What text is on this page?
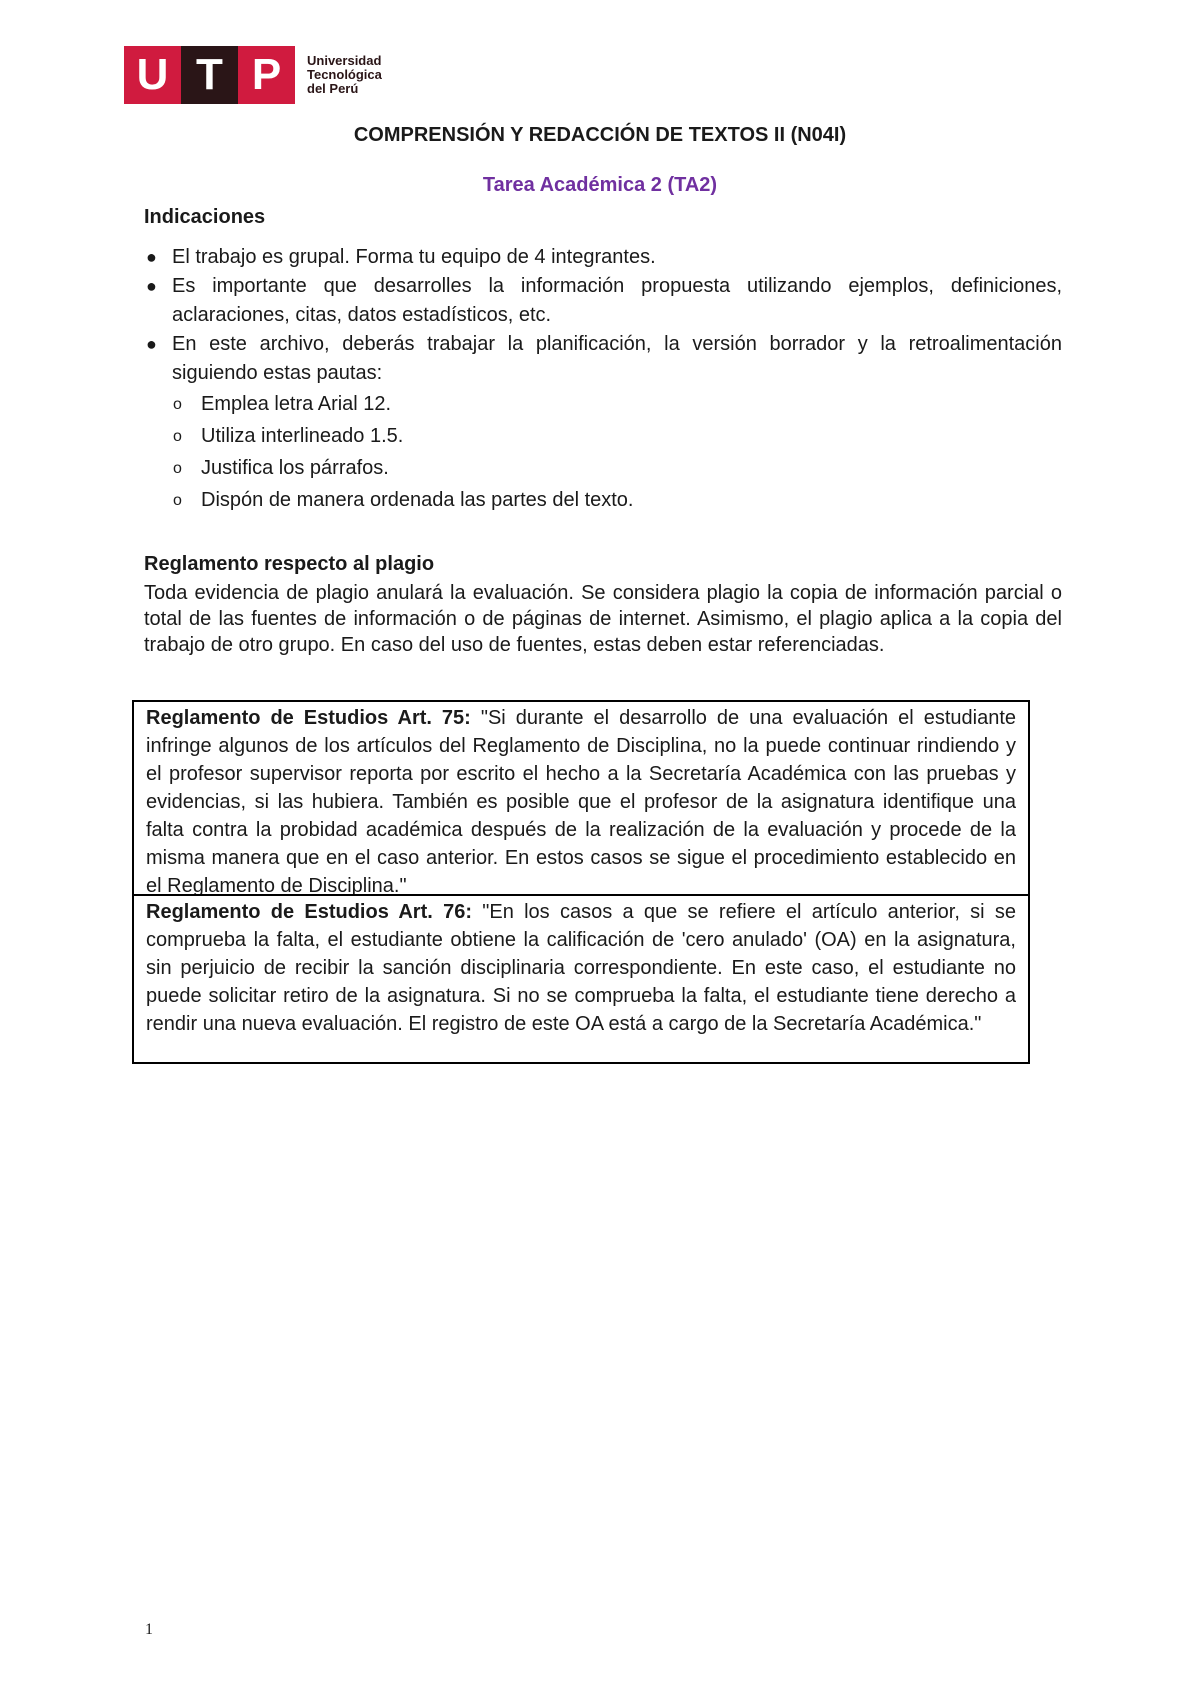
U T P	Universidad
Tecnológica
del Perú
COMPRENSIÓN Y REDACCIÓN DE TEXTOS II (N04I)
Tarea Académica 2 (TA2)
Indicaciones
● El trabajo es grupal. Forma tu equipo de 4 integrantes.
● Es importante que desarrolles la información propuesta utilizando ejemplos, definiciones, aclaraciones, citas, datos estadísticos, etc.
● En este archivo, deberás trabajar la planificación, la versión borrador y la retroalimentación siguiendo estas pautas:
o Emplea letra Arial 12.
o Utiliza interlineado 1.5.
o Justifica los párrafos.
o Dispón de manera ordenada las partes del texto.
Reglamento respecto al plagio
Toda evidencia de plagio anulará la evaluación. Se considera plagio la copia de información parcial o total de las fuentes de información o de páginas de internet. Asimismo, el plagio aplica a la copia del trabajo de otro grupo. En caso del uso de fuentes, estas deben estar referenciadas.
Reglamento de Estudios Art. 75: "Si durante el desarrollo de una evaluación el estudiante infringe algunos de los artículos del Reglamento de Disciplina, no la puede continuar rindiendo y el profesor supervisor reporta por escrito el hecho a la Secretaría Académica con las pruebas y evidencias, si las hubiera. También es posible que el profesor de la asignatura identifique una falta contra la probidad académica después de la realización de la evaluación y procede de la misma manera que en el caso anterior. En estos casos se sigue el procedimiento establecido en el Reglamento de Disciplina."
Reglamento de Estudios Art. 76: "En los casos a que se refiere el artículo anterior, si se comprueba la falta, el estudiante obtiene la calificación de 'cero anulado' (OA) en la asignatura, sin perjuicio de recibir la sanción disciplinaria correspondiente. En este caso, el estudiante no puede solicitar retiro de la asignatura. Si no se comprueba la falta, el estudiante tiene derecho a rendir una nueva evaluación. El registro de este OA está a cargo de la Secretaría Académica."
1
